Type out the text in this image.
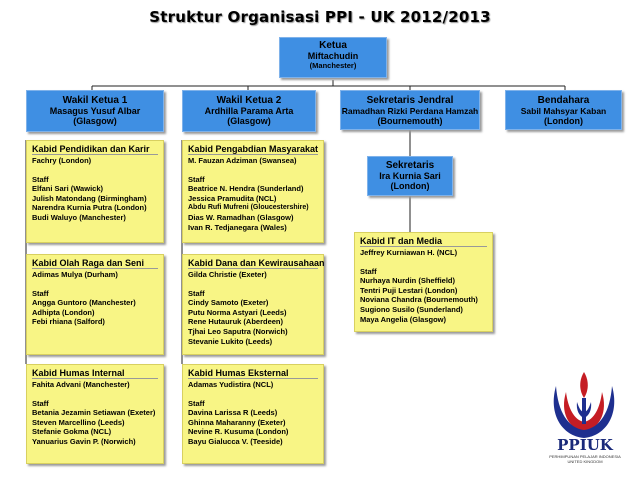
Struktur Organisasi PPI - UK 2012/2013
Ketua
Miftachudin
(Manchester)
Wakil Ketua 1
Masagus Yusuf Albar
(Glasgow)
Wakil Ketua 2
Ardhilla Parama Arta
(Glasgow)
Sekretaris Jendral
Ramadhan Rizki Perdana Hamzah
(Bournemouth)
Bendahara
Sabil Mahsyar Kaban
(London)
Sekretaris
Ira Kurnia Sari
(London)
Kabid Pendidikan dan Karir
Fachry (London)
Staff
Elfani Sari (Wawick)
Julish Matondang (Birmingham)
Narendra Kurnia Putra (London)
Budi Waluyo (Manchester)
Kabid Olah Raga dan Seni
Adimas Mulya (Durham)
Staff
Angga Guntoro (Manchester)
Adhipta (London)
Febi rhiana (Salford)
Kabid Humas Internal
Fahita Advani (Manchester)
Staff
Betania Jezamin Setiawan (Exeter)
Steven Marcellino (Leeds)
Stefanie Gokma (NCL)
Yanuarius Gavin P. (Norwich)
Kabid Pengabdian Masyarakat
M. Fauzan Adziman (Swansea)
Staff
Beatrice N. Hendra (Sunderland)
Jessica Pramudita (NCL)
Abdu Rufi Mufreni (Gloucestershire)
Dias W. Ramadhan (Glasgow)
Ivan R. Tedjanegara (Wales)
Kabid Dana dan Kewirausahaan
Gilda Christie (Exeter)
Staff
Cindy Samoto (Exeter)
Putu Norma Astyari (Leeds)
Rene Hutauruk (Aberdeen)
Tjhai Leo Saputra (Norwich)
Stevanie Lukito (Leeds)
Kabid Humas Eksternal
Adamas Yudistira (NCL)
Staff
Davina Larissa R (Leeds)
Ghinna Maharanny (Exeter)
Nevine R. Kusuma (London)
Bayu Gialucca V. (Teeside)
Kabid IT dan Media
Jeffrey Kurniawan H. (NCL)
Staff
Nurhaya Nurdin (Sheffield)
Tentri Puji Lestari (London)
Noviana Chandra (Bournemouth)
Sugiono Susilo (Sunderland)
Maya Angelia (Glasgow)
PPIUK
PERHIMPUNAN PELAJAR INDONESIA UNITED KINGDOM
